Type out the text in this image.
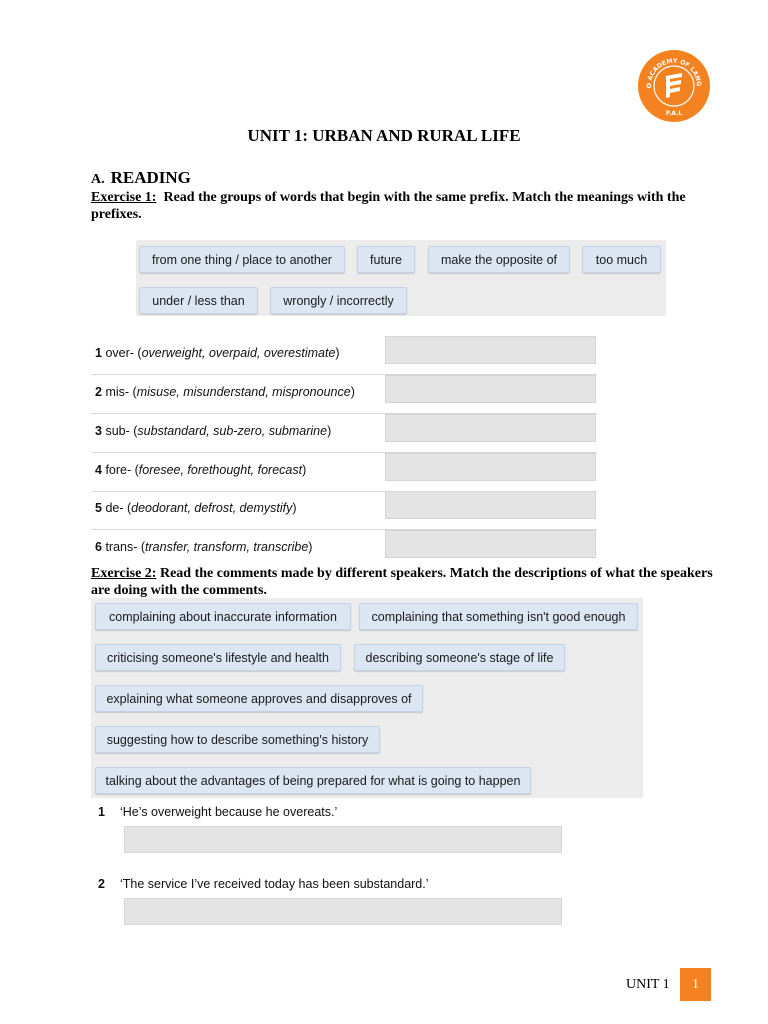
O ACADEMY OF LANG
P.A.L
UNIT 1: URBAN AND RURAL LIFE
A. READING
Exercise 1: Read the groups of words that begin with the same prefix. Match the meanings with the prefixes.
from one thing / place to another	future	make the opposite of	too much
under / less than	wrongly / incorrectly
1 over- (overweight, overpaid, overestimate)
2 mis- (misuse, misunderstand, mispronounce)
3 sub- (substandard, sub-zero, submarine)
4 fore- (foresee, forethought, forecast)
5 de- (deodorant, defrost, demystify)
6 trans- (transfer, transform, transcribe)
Exercise 2: Read the comments made by different speakers. Match the descriptions of what the speakers are doing with the comments.
complaining about inaccurate information	complaining that something isn't good enough
criticising someone's lifestyle and health	describing someone's stage of life
explaining what someone approves and disapproves of
suggesting how to describe something's history
talking about the advantages of being prepared for what is going to happen
1 ‘He’s overweight because he overeats.’
2 ‘The service I’ve received today has been substandard.’
UNIT 1	1
